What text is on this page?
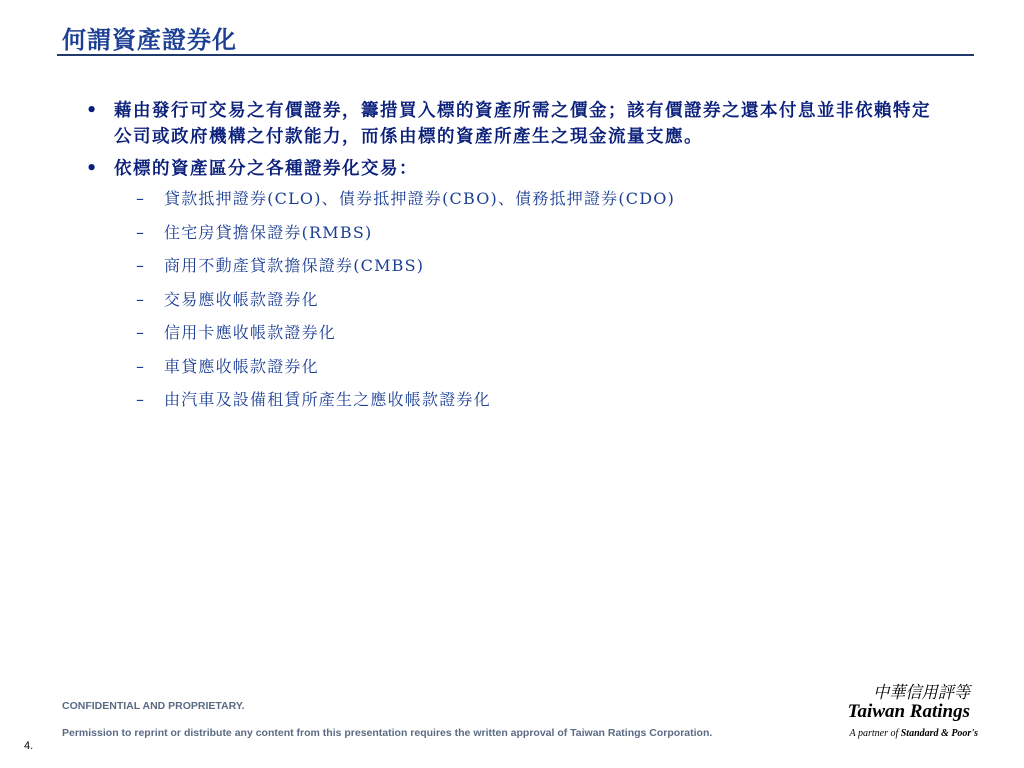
何謂資產證券化
• 藉由發行可交易之有價證券，籌措買入標的資產所需之價金；該有價證券之還本付息並非依賴特定公司或政府機構之付款能力，而係由標的資產所產生之現金流量支應。
• 依標的資產區分之各種證券化交易：
– 貸款抵押證券(CLO)、債券抵押證券(CBO)、債務抵押證券(CDO)
– 住宅房貸擔保證券(RMBS)
– 商用不動產貸款擔保證券(CMBS)
– 交易應收帳款證券化
– 信用卡應收帳款證券化
– 車貸應收帳款證券化
– 由汽車及設備租賃所產生之應收帳款證券化
CONFIDENTIAL AND PROPRIETARY.
Permission to reprint or distribute any content from this presentation requires the written approval of Taiwan Ratings Corporation.
4.
中華信用評等
Taiwan Ratings
A partner of Standard & Poor's
